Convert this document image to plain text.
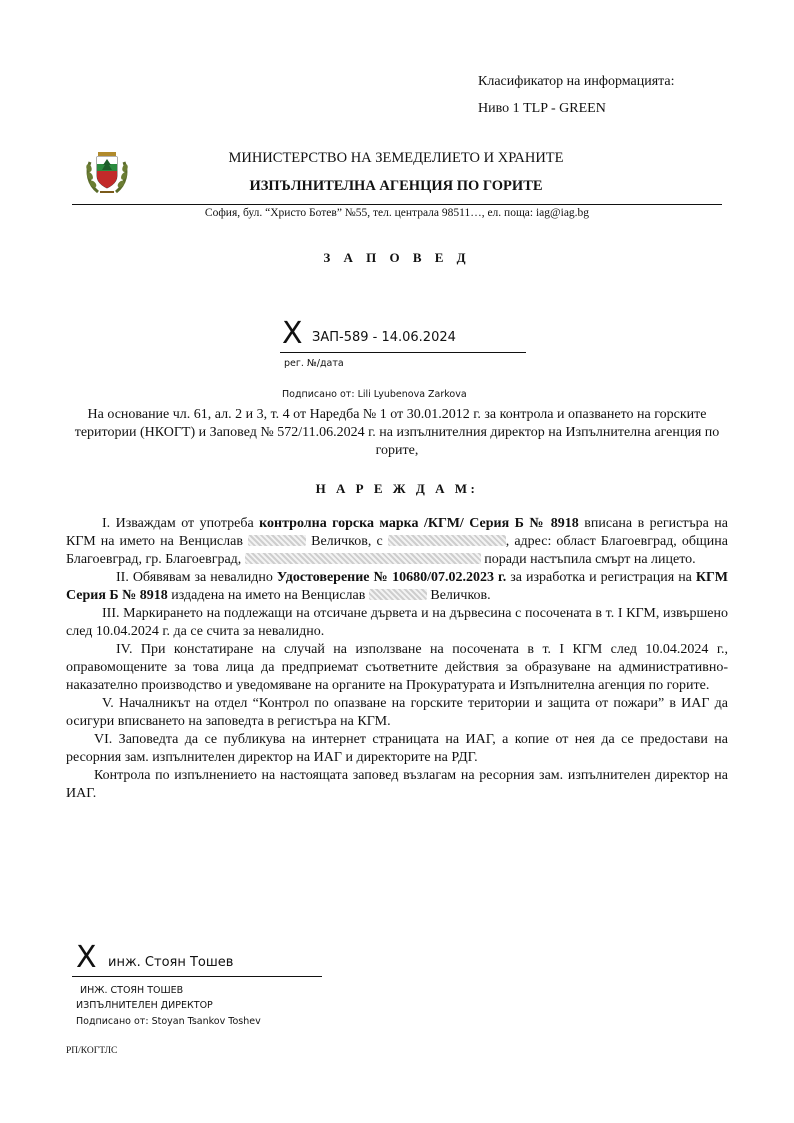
Класификатор на информацията:
Ниво 1 TLP - GREEN
МИНИСТЕРСТВО НА ЗЕМЕДЕЛИЕТО И ХРАНИТЕ
ИЗПЪЛНИТЕЛНА АГЕНЦИЯ ПО ГОРИТЕ
София, бул. “Христо Ботев” №55, тел. централа 98511…, ел. поща: iag@iag.bg
З А П О В Е Д
X ЗАП-589 - 14.06.2024
рег. №/дата
Подписано от: Lili Lyubenova Zarkova
На основание чл. 61, ал. 2 и 3, т. 4 от Наредба № 1 от 30.01.2012 г. за контрола и опазването на горските територии (НКОГТ) и Заповед № 572/11.06.2024 г. на изпълнителния директор на Изпълнителна агенция по горите,
Н А Р Е Ж Д А М:

I. Изваждам от употреба контролна горска марка /КГМ/ Серия Б № 8918 вписана в регистъра на КГМ на името на Венцислав	Величков, с	, адрес: област Благоевград, община Благоевград, гр. Благоевград,	поради настъпила смърт на лицето.

II. Обявявам за невалидно Удостоверение № 10680/07.02.2023 г. за изработка и регистрация на КГМ Серия Б № 8918 издадена на името на Венцислав	Величков.

III. Маркирането на подлежащи на отсичане дървета и на дървесина с посочената в т. I КГМ, извършено след 10.04.2024 г. да се счита за невалидно.

IV. При констатиране на случай на използване на посочената в т. I КГМ след 10.04.2024 г., оправомощените за това лица да предприемат съответните действия за образуване на административно-наказателно производство и уведомяване на органите на Прокуратурата и Изпълнителна агенция по горите.

V. Началникът на отдел “Контрол по опазване на горските територии и защита от пожари” в ИАГ да осигури вписването на заповедта в регистъра на КГМ.

VI. Заповедта да се публикува на интернет страницата на ИАГ, а копие от нея да се предостави на ресорния зам. изпълнителен директор на ИАГ и директорите на РДГ.

Контрола по изпълнението на настоящата заповед възлагам на ресорния зам. изпълнителен директор на ИАГ.

X инж. Стоян Тошев
ИНЖ. СТОЯН ТОШЕВ
ИЗПЪЛНИТЕЛЕН ДИРЕКТОР
Подписано от: Stoyan Tsankov Toshev
РП/КОГТЛС
